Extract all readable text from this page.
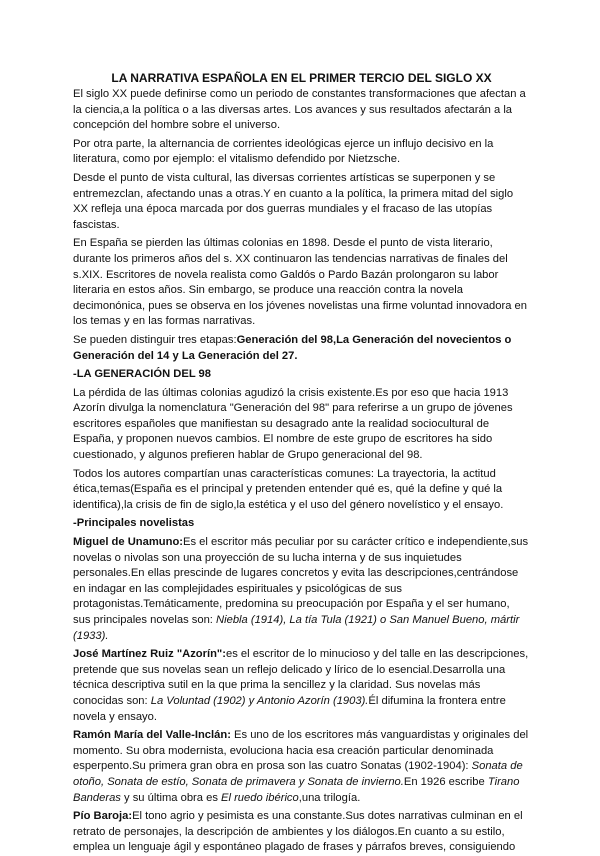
LA NARRATIVA ESPAÑOLA EN EL PRIMER TERCIO DEL SIGLO XX

El siglo XX puede definirse como un periodo de constantes transformaciones que afectan a la ciencia,a la política o a las diversas artes. Los avances y sus resultados afectarán a la concepción del hombre sobre el universo.

Por otra parte, la alternancia de corrientes ideológicas ejerce un influjo decisivo en la literatura, como por ejemplo: el vitalismo defendido por Nietzsche.

Desde el punto de vista cultural, las diversas corrientes artísticas se superponen y se entremezclan, afectando unas a otras.Y en cuanto a la política, la primera mitad del siglo XX refleja una época marcada por dos guerras mundiales y el fracaso de las utopías fascistas.

En España se pierden las últimas colonias en 1898. Desde el punto de vista literario, durante los primeros años del s. XX continuaron las tendencias narrativas de finales del s.XIX. Escritores de novela realista como Galdós o Pardo Bazán prolongaron su labor literaria en estos años. Sin embargo, se produce una reacción contra la novela decimonónica, pues se observa en los jóvenes novelistas una firme voluntad innovadora en los temas y en las formas narrativas.

Se pueden distinguir tres etapas:Generación del 98,La Generación del novecientos o Generación del 14 y La Generación del 27.

-LA GENERACIÓN DEL 98

La pérdida de las últimas colonias agudizó la crisis existente.Es por eso que hacia 1913 Azorín divulga la nomenclatura "Generación del 98" para referirse a un grupo de jóvenes escritores españoles que manifiestan su desagrado ante la realidad sociocultural de España, y proponen nuevos cambios. El nombre de este grupo de escritores ha sido cuestionado, y algunos prefieren hablar de Grupo generacional del 98.

Todos los autores compartían unas características comunes: La trayectoria, la actitud ética,temas(España es el principal y pretenden entender qué es, qué la define y qué la identifica),la crisis de fin de siglo,la estética y el uso del género novelístico y el ensayo.

-Principales novelistas

Miguel de Unamuno:Es el escritor más peculiar por su carácter crítico e independiente,sus novelas o nivolas son una proyección de su lucha interna y de sus inquietudes personales.En ellas prescinde de lugares concretos y evita las descripciones,centrándose en indagar en las complejidades espirituales y psicológicas de sus protagonistas.Temáticamente, predomina su preocupación por España y el ser humano, sus principales novelas son: Niebla (1914), La tía Tula (1921) o San Manuel Bueno, mártir (1933).

José Martínez Ruiz "Azorín":es el escritor de lo minucioso y del talle en las descripciones, pretende que sus novelas sean un reflejo delicado y lírico de lo esencial.Desarrolla una técnica descriptiva sutil en la que prima la sencillez y la claridad. Sus novelas más conocidas son: La Voluntad (1902) y Antonio Azorín (1903).Él difumina la frontera entre novela y ensayo.

Ramón María del Valle-Inclán: Es uno de los escritores más vanguardistas y originales del momento. Su obra modernista, evoluciona hacia esa creación particular denominada esperpento.Su primera gran obra en prosa son las cuatro Sonatas (1902-1904): Sonata de otoño, Sonata de estío, Sonata de primavera y Sonata de invierno.En 1926 escribe Tirano Banderas y su última obra es El ruedo ibérico,una trilogía.

Pío Baroja:El tono agrio y pesimista es una constante.Sus dotes narrativas culminan en el retrato de personajes, la descripción de ambientes y los diálogos.En cuanto a su estilo, emplea un lenguaje ágil y espontáneo plagado de frases y párrafos breves, consiguiendo
